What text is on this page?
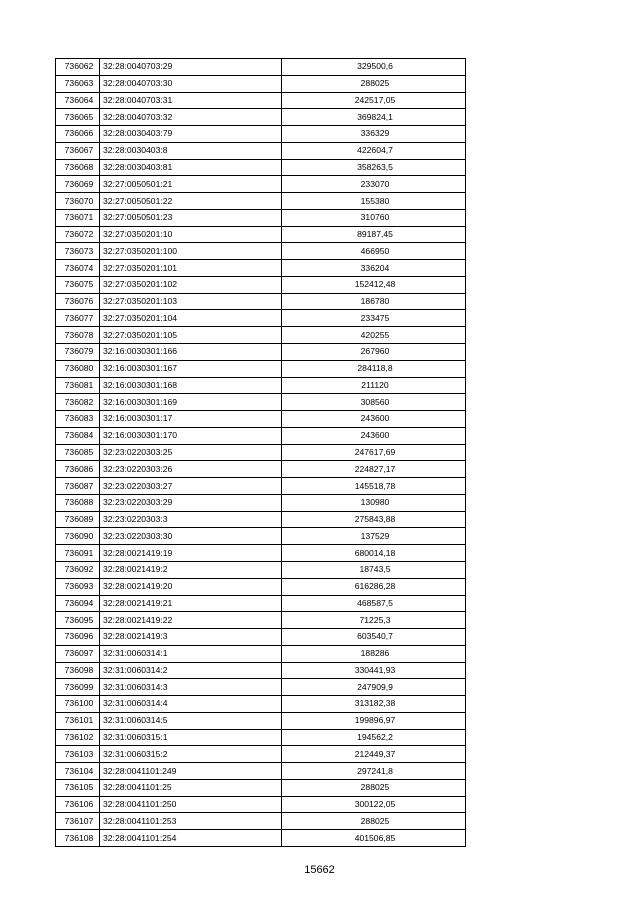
736062	32:28:0040703:29	329500,6
736063	32:28:0040703:30	288025
736064	32:28:0040703:31	242517,05
736065	32:28:0040703:32	369824,1
736066	32:28:0030403:79	336329
736067	32:28:0030403:8	422604,7
736068	32:28:0030403:81	358263,5
736069	32:27:0050501:21	233070
736070	32:27:0050501:22	155380
736071	32:27:0050501:23	310760
736072	32:27:0350201:10	89187,45
736073	32:27:0350201:100	466950
736074	32:27:0350201:101	336204
736075	32:27:0350201:102	152412,48
736076	32:27:0350201:103	186780
736077	32:27:0350201:104	233475
736078	32:27:0350201:105	420255
736079	32:16:0030301:166	267960
736080	32:16:0030301:167	284118,8
736081	32:16:0030301:168	211120
736082	32:16:0030301:169	308560
736083	32:16:0030301:17	243600
736084	32:16:0030301:170	243600
736085	32:23:0220303:25	247617,69
736086	32:23:0220303:26	224827,17
736087	32:23:0220303:27	145518,78
736088	32:23:0220303:29	130980
736089	32:23:0220303:3	275843,88
736090	32:23:0220303:30	137529
736091	32:28:0021419:19	680014,18
736092	32:28:0021419:2	18743,5
736093	32:28:0021419:20	616286,28
736094	32:28:0021419:21	468587,5
736095	32:28:0021419:22	71225,3
736096	32:28:0021419:3	603540,7
736097	32:31:0060314:1	188286
736098	32:31:0060314:2	330441,93
736099	32:31:0060314:3	247909,9
736100	32:31:0060314:4	313182,38
736101	32:31:0060314:5	199896,97
736102	32:31:0060315:1	194562,2
736103	32:31:0060315:2	212449,37
736104	32:28:0041101:249	297241,8
736105	32:28:0041101:25	288025
736106	32:28:0041101:250	300122,05
736107	32:28:0041101:253	288025
736108	32:28:0041101:254	401506,85
15662
